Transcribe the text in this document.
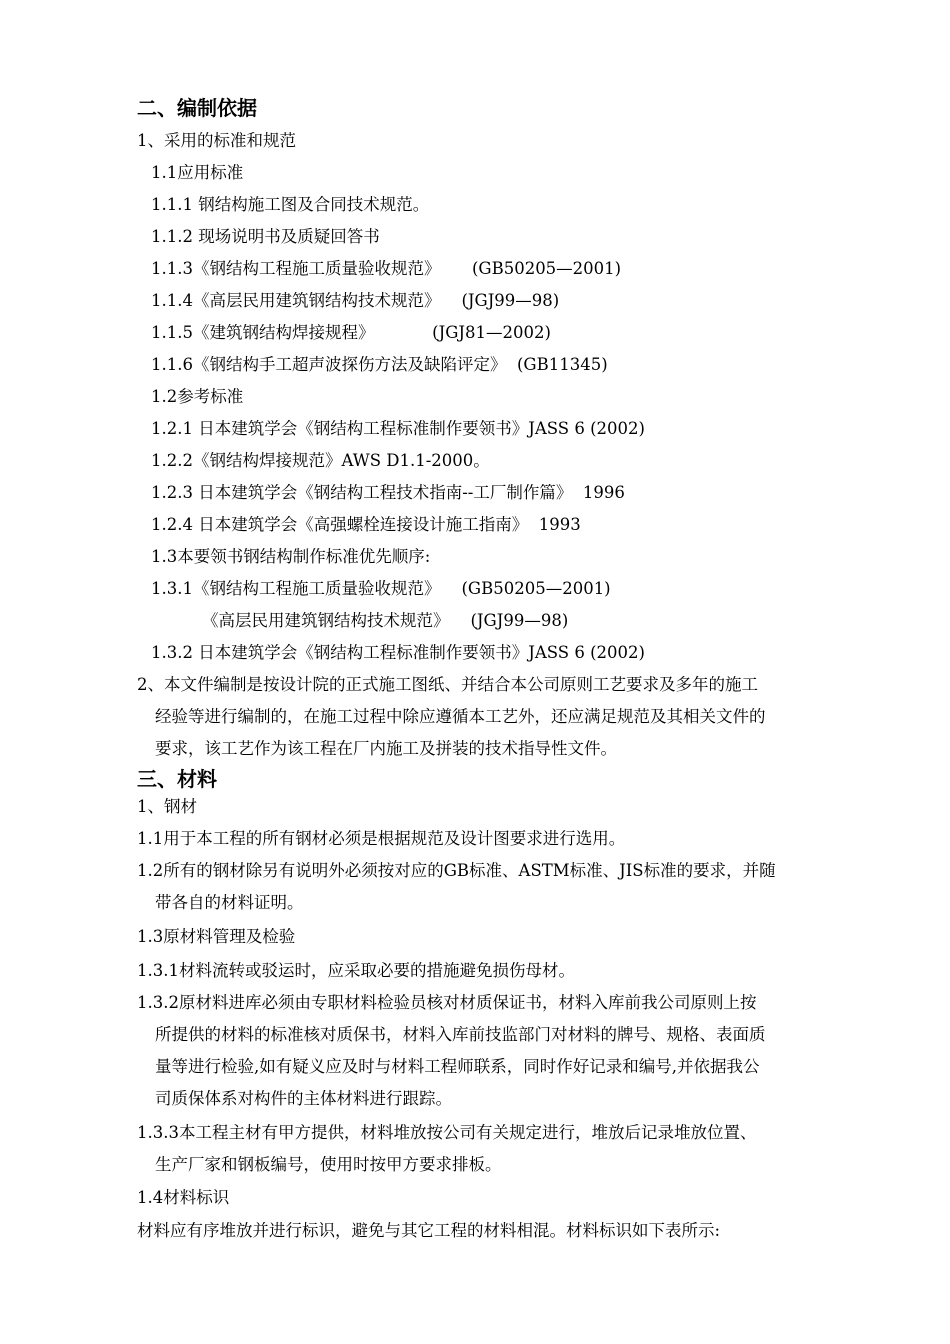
二、编制依据
1、采用的标准和规范
1.1应用标准
1.1.1 钢结构施工图及合同技术规范。
1.1.2 现场说明书及质疑回答书
1.1.3《钢结构工程施工质量验收规范》      (GB50205—2001)
1.1.4《高层民用建筑钢结构技术规范》    (JGJ99—98)
1.1.5《建筑钢结构焊接规程》           (JGJ81—2002)
1.1.6《钢结构手工超声波探伤方法及缺陷评定》  (GB11345)
1.2参考标准
1.2.1 日本建筑学会《钢结构工程标准制作要领书》JASS 6 (2002)
1.2.2《钢结构焊接规范》AWS D1.1-2000。
1.2.3 日本建筑学会《钢结构工程技术指南--工厂制作篇》  1996
1.2.4 日本建筑学会《高强螺栓连接设计施工指南》  1993
1.3本要领书钢结构制作标准优先顺序:
1.3.1《钢结构工程施工质量验收规范》    (GB50205—2001)
《高层民用建筑钢结构技术规范》    (JGJ99—98)
1.3.2 日本建筑学会《钢结构工程标准制作要领书》JASS 6 (2002)
2、本文件编制是按设计院的正式施工图纸、并结合本公司原则工艺要求及多年的施工
经验等进行编制的，在施工过程中除应遵循本工艺外，还应满足规范及其相关文件的
要求，该工艺作为该工程在厂内施工及拼装的技术指导性文件。
三、材料
1、钢材
1.1用于本工程的所有钢材必须是根据规范及设计图要求进行选用。
1.2所有的钢材除另有说明外必须按对应的GB标准、ASTM标准、JIS标准的要求，并随
带各自的材料证明。
1.3原材料管理及检验
1.3.1材料流转或驳运时，应采取必要的措施避免损伤母材。
1.3.2原材料进库必须由专职材料检验员核对材质保证书，材料入库前我公司原则上按
所提供的材料的标准核对质保书，材料入库前技监部门对材料的牌号、规格、表面质
量等进行检验,如有疑义应及时与材料工程师联系，同时作好记录和编号,并依据我公
司质保体系对构件的主体材料进行跟踪。
1.3.3本工程主材有甲方提供，材料堆放按公司有关规定进行，堆放后记录堆放位置、
生产厂家和钢板编号，使用时按甲方要求排板。
1.4材料标识
材料应有序堆放并进行标识，避免与其它工程的材料相混。材料标识如下表所示:
